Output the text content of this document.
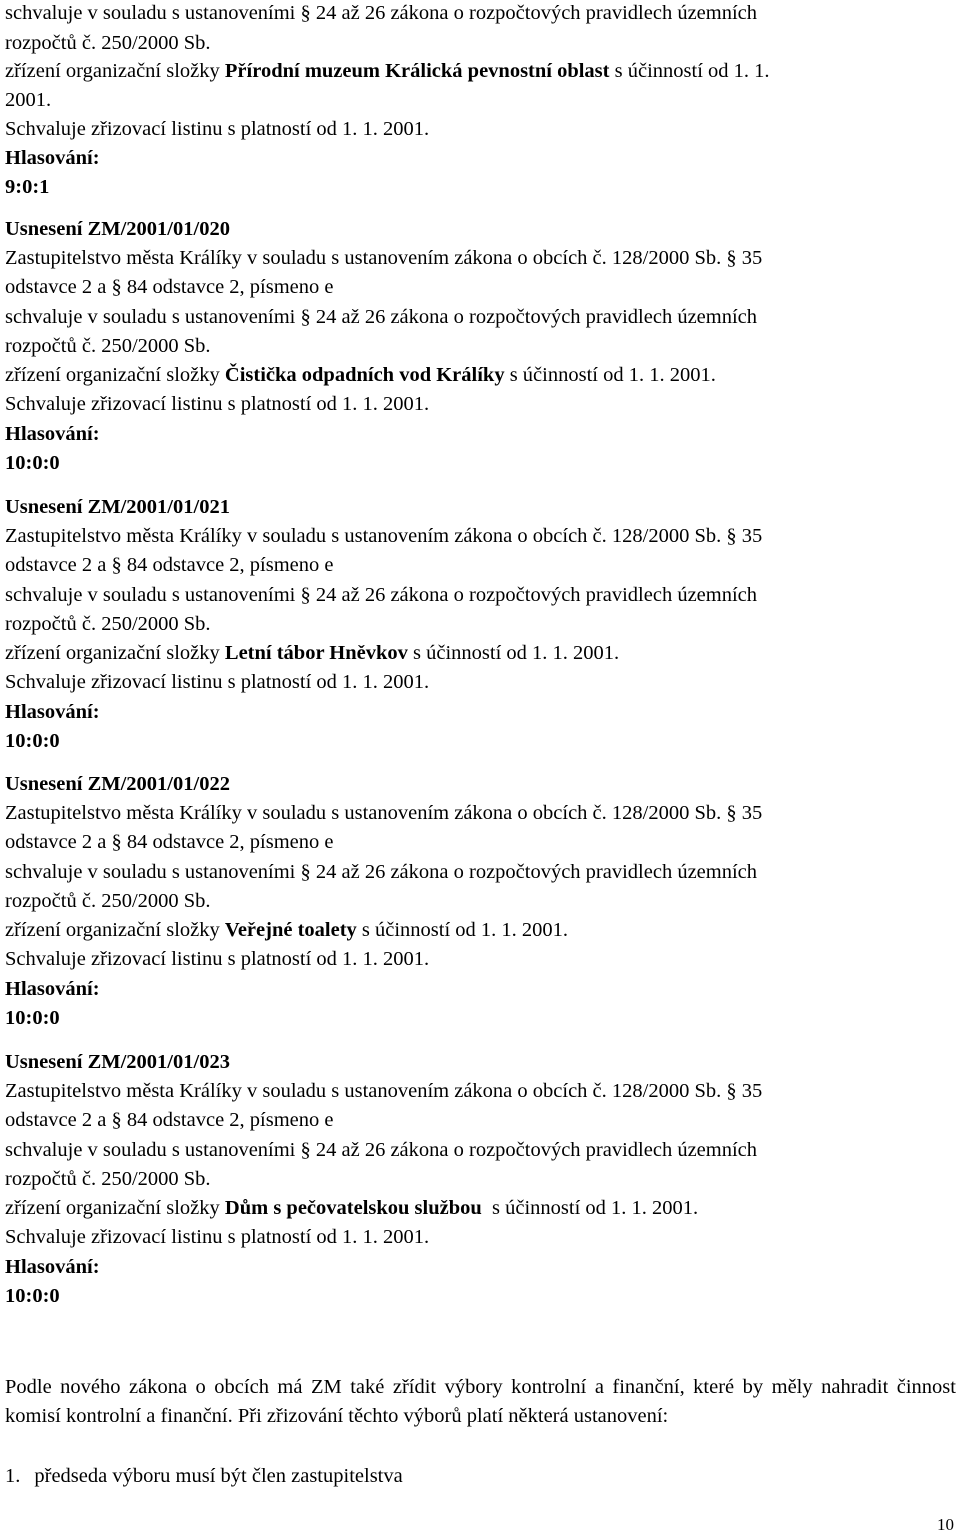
schvaluje v souladu s ustanoveními § 24 až 26 zákona o rozpočtových pravidlech územních
rozpočtů č. 250/2000 Sb.
zřízení organizační složky Přírodní muzeum Králická pevnostní oblast s účinností od 1. 1.
2001.
Schvaluje zřizovací listinu s platností od 1. 1. 2001.
Hlasování:
9:0:1
Usnesení ZM/2001/01/020
Zastupitelstvo města Králíky v souladu s ustanovením zákona o obcích č. 128/2000 Sb. § 35
odstavce 2 a § 84 odstavce 2, písmeno e
schvaluje v souladu s ustanoveními § 24 až 26 zákona o rozpočtových pravidlech územních
rozpočtů č. 250/2000 Sb.
zřízení organizační složky Čistička odpadních vod Králíky s účinností od 1. 1. 2001.
Schvaluje zřizovací listinu s platností od 1. 1. 2001.
Hlasování:
10:0:0
Usnesení ZM/2001/01/021
Zastupitelstvo města Králíky v souladu s ustanovením zákona o obcích č. 128/2000 Sb. § 35
odstavce 2 a § 84 odstavce 2, písmeno e
schvaluje v souladu s ustanoveními § 24 až 26 zákona o rozpočtových pravidlech územních
rozpočtů č. 250/2000 Sb.
zřízení organizační složky Letní tábor Hněvkov s účinností od 1. 1. 2001.
Schvaluje zřizovací listinu s platností od 1. 1. 2001.
Hlasování:
10:0:0
Usnesení ZM/2001/01/022
Zastupitelstvo města Králíky v souladu s ustanovením zákona o obcích č. 128/2000 Sb. § 35
odstavce 2 a § 84 odstavce 2, písmeno e
schvaluje v souladu s ustanoveními § 24 až 26 zákona o rozpočtových pravidlech územních
rozpočtů č. 250/2000 Sb.
zřízení organizační složky Veřejné toalety s účinností od 1. 1. 2001.
Schvaluje zřizovací listinu s platností od 1. 1. 2001.
Hlasování:
10:0:0
Usnesení ZM/2001/01/023
Zastupitelstvo města Králíky v souladu s ustanovením zákona o obcích č. 128/2000 Sb. § 35
odstavce 2 a § 84 odstavce 2, písmeno e
schvaluje v souladu s ustanoveními § 24 až 26 zákona o rozpočtových pravidlech územních
rozpočtů č. 250/2000 Sb.
zřízení organizační složky Dům s pečovatelskou službou  s účinností od 1. 1. 2001.
Schvaluje zřizovací listinu s platností od 1. 1. 2001.
Hlasování:
10:0:0
Podle nového zákona o obcích má ZM také zřídit výbory kontrolní a finanční, které by měly nahradit činnost komisí kontrolní a finanční. Při zřizování těchto výborů platí některá ustanovení:
1. předseda výboru musí být člen zastupitelstva
10
